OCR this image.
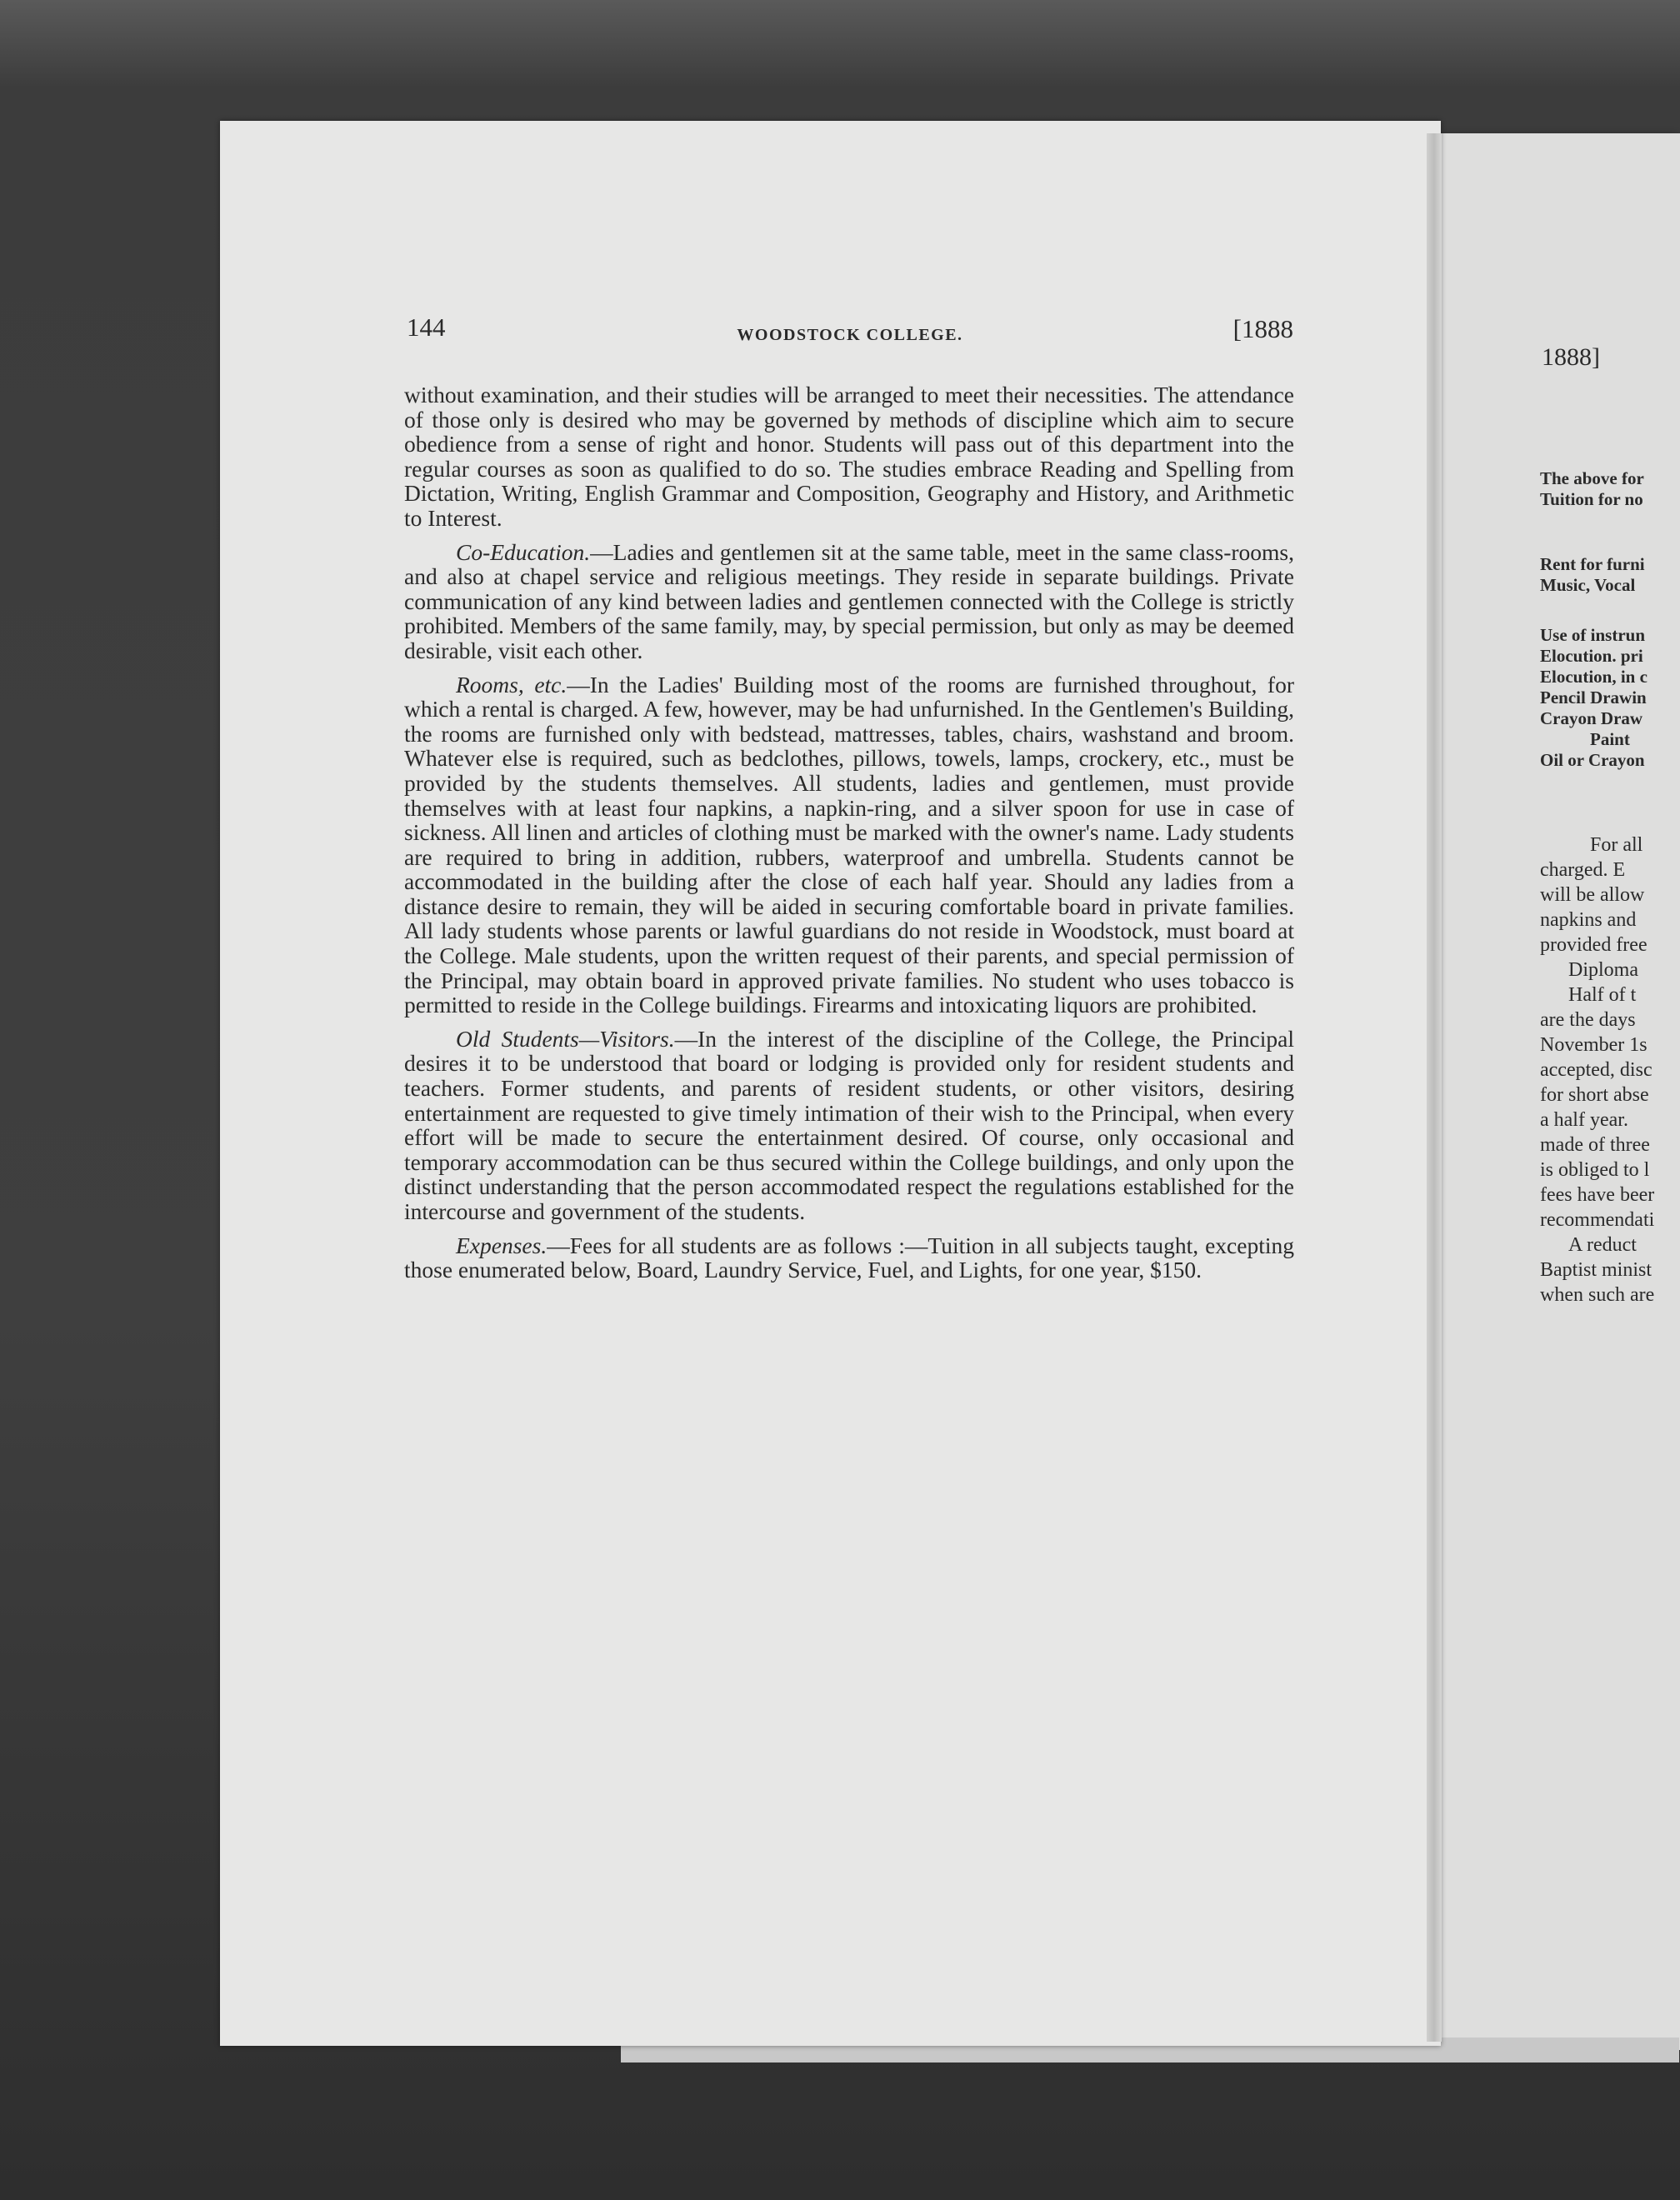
144	WOODSTOCK COLLEGE.	[1888

without examination, and their studies will be arranged to meet their necessities. The attendance of those only is desired who may be governed by methods of discipline which aim to secure obedience from a sense of right and honor. Students will pass out of this department into the regular courses as soon as qualified to do so. The studies embrace Reading and Spelling from Dictation, Writing, English Grammar and Composition, Geography and History, and Arithmetic to Interest.

Co-Education.—Ladies and gentlemen sit at the same table, meet in the same class-rooms, and also at chapel service and religious meetings. They reside in separate buildings. Private communication of any kind between ladies and gentlemen connected with the College is strictly prohibited. Members of the same family, may, by special permission, but only as may be deemed desirable, visit each other.

Rooms, etc.—In the Ladies' Building most of the rooms are furnished throughout, for which a rental is charged. A few, however, may be had unfurnished. In the Gentlemen's Building, the rooms are furnished only with bedstead, mattresses, tables, chairs, washstand and broom. Whatever else is required, such as bedclothes, pillows, towels, lamps, crockery, etc., must be provided by the students themselves. All students, ladies and gentlemen, must provide themselves with at least four napkins, a napkin-ring, and a silver spoon for use in case of sickness. All linen and articles of clothing must be marked with the owner's name. Lady students are required to bring in addition, rubbers, waterproof and umbrella. Students cannot be accommodated in the building after the close of each half year. Should any ladies from a distance desire to remain, they will be aided in securing comfortable board in private families. All lady students whose parents or lawful guardians do not reside in Woodstock, must board at the College. Male students, upon the written request of their parents, and special permission of the Principal, may obtain board in approved private families. No student who uses tobacco is permitted to reside in the College buildings. Firearms and intoxicating liquors are prohibited.

Old Students—Visitors.—In the interest of the discipline of the College, the Principal desires it to be understood that board or lodging is provided only for resident students and teachers. Former students, and parents of resident students, or other visitors, desiring entertainment are requested to give timely intimation of their wish to the Principal, when every effort will be made to secure the entertainment desired. Of course, only occasional and temporary accommodation can be thus secured within the College buildings, and only upon the distinct understanding that the person accommodated respect the regulations established for the intercourse and government of the students.

Expenses.—Fees for all students are as follows :—Tuition in all subjects taught, excepting those enumerated below, Board, Laundry Service, Fuel, and Lights, for one year, $150.

1888]
The above for
Tuition for no
Rent for furni
Music, Vocal
Use of instrun
Elocution. pri
Elocution, in c
Pencil Drawin
Crayon Draw
Paint
Oil or Crayon
For all
charged. E
will be allow
napkins and
provided free
Diploma
Half of t
are the days
November 1s
accepted, disc
for short abse
a half year.
made of three
is obliged to l
fees have beer
recommendati
A reduct
Baptist minist
when such are
